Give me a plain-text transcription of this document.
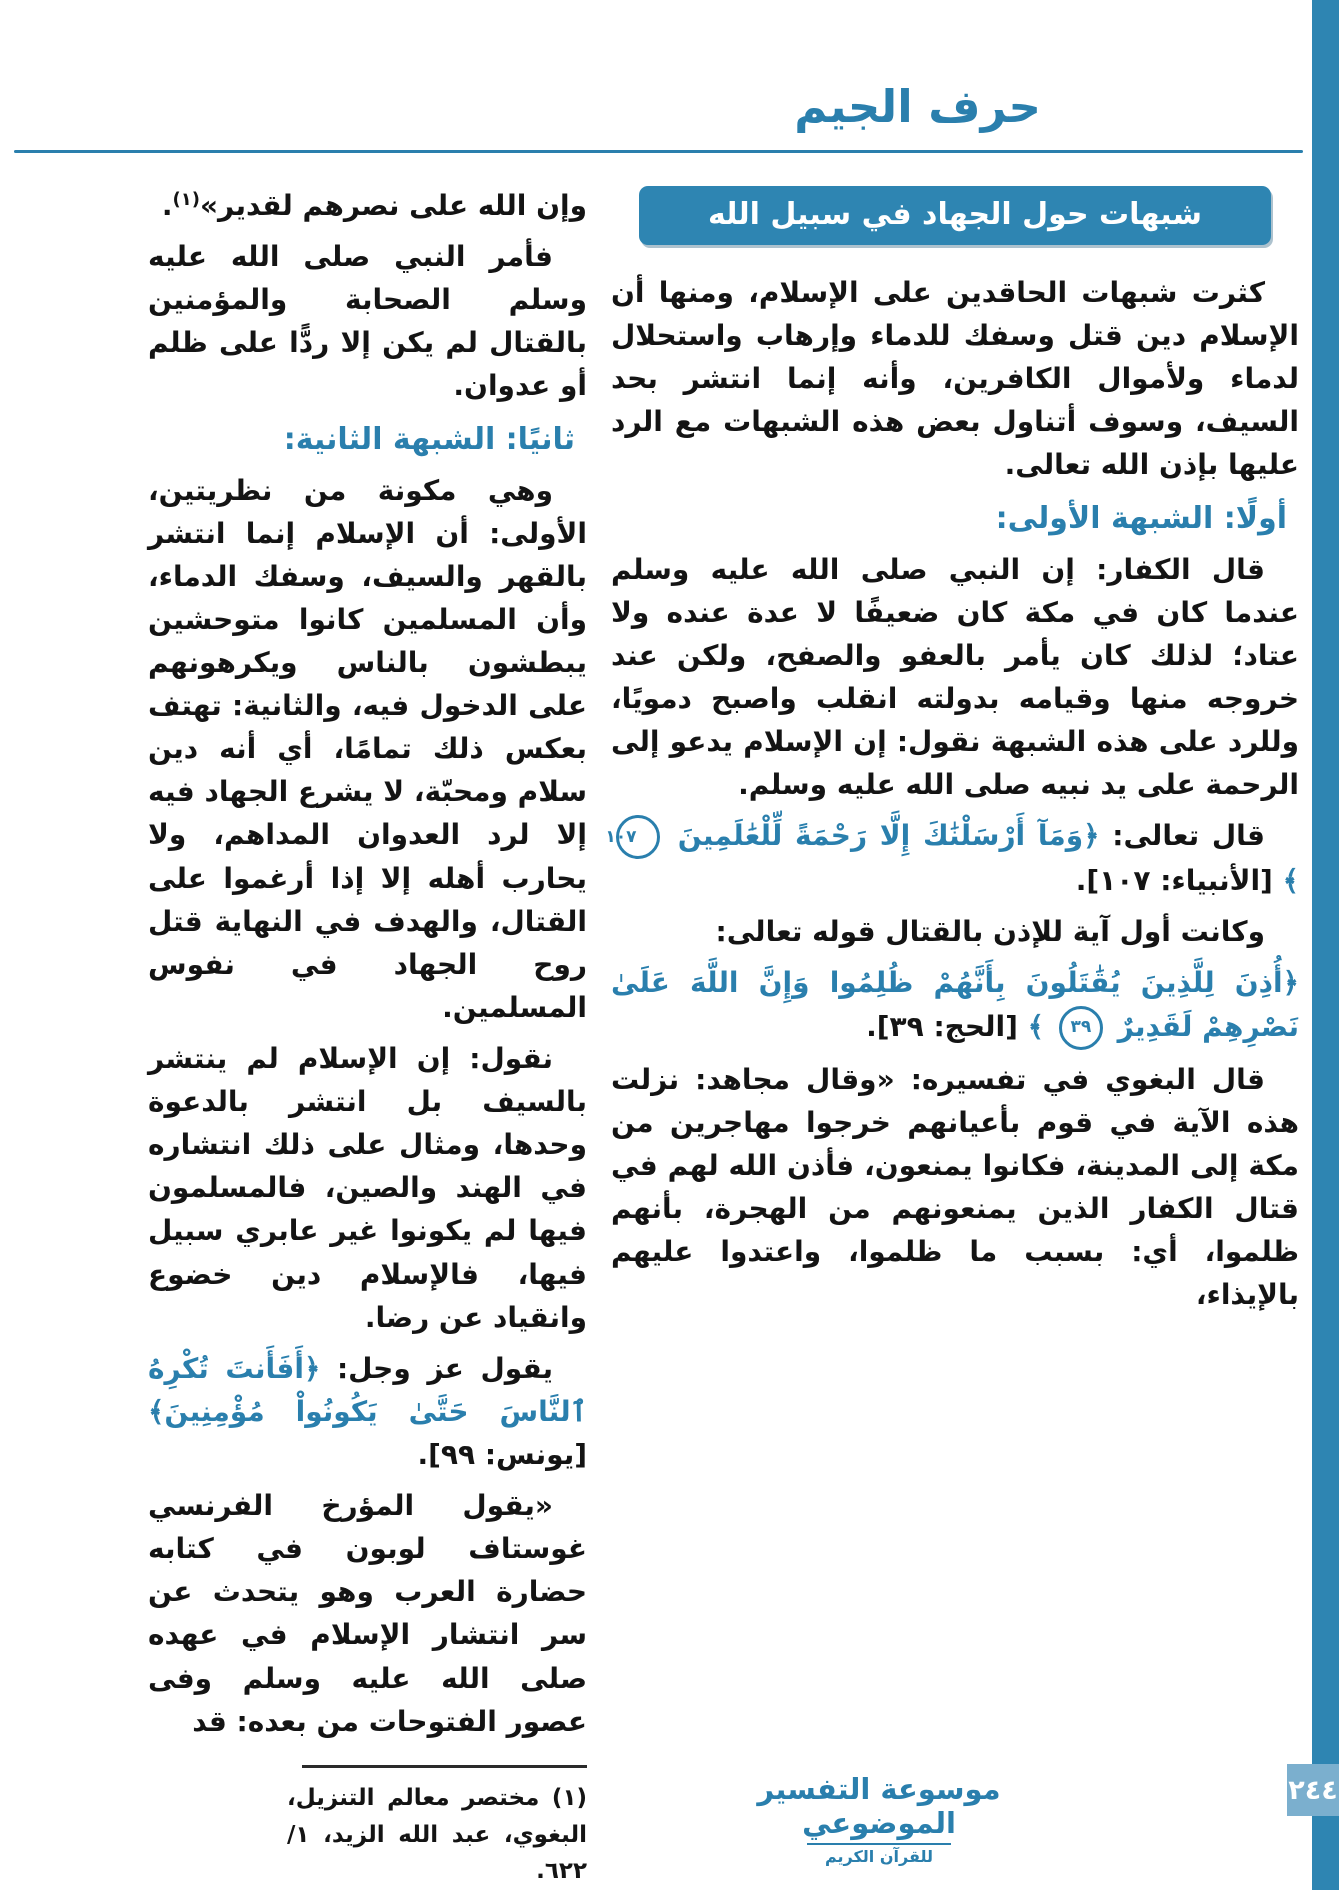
٢٤٤
حرف الجيم
شبهات حول الجهاد في سبيل الله

كثرت شبهات الحاقدين على الإسلام، ومنها أن الإسلام دين قتل وسفك للدماء وإرهاب واستحلال لدماء ولأموال الكافرين، وأنه إنما انتشر بحد السيف، وسوف أتناول بعض هذه الشبهات مع الرد عليها بإذن الله تعالى.

أولًا: الشبهة الأولى:

قال الكفار: إن النبي صلى الله عليه وسلم عندما كان في مكة كان ضعيفًا لا عدة عنده ولا عتاد؛ لذلك كان يأمر بالعفو والصفح، ولكن عند خروجه منها وقيامه بدولته انقلب واصبح دمويًا، وللرد على هذه الشبهة نقول: إن الإسلام يدعو إلى الرحمة على يد نبيه صلى الله عليه وسلم.

قال تعالى: ﴿وَمَآ أَرْسَلْنَٰكَ إِلَّا رَحْمَةً لِّلْعَٰلَمِينَ ١٠٧ ﴾ [الأنبياء: ١٠٧].

وكانت أول آية للإذن بالقتال قوله تعالى:

﴿أُذِنَ لِلَّذِينَ يُقَٰتَلُونَ بِأَنَّهُمْ ظُلِمُوا وَإِنَّ اللَّهَ عَلَىٰ نَصْرِهِمْ لَقَدِيرٌ ٣٩ ﴾ [الحج: ٣٩].

قال البغوي في تفسيره: «وقال مجاهد: نزلت هذه الآية في قوم بأعيانهم خرجوا مهاجرين من مكة إلى المدينة، فكانوا يمنعون، فأذن الله لهم في قتال الكفار الذين يمنعونهم من الهجرة، بأنهم ظلموا، أي: بسبب ما ظلموا، واعتدوا عليهم بالإيذاء،

وإن الله على نصرهم لقدير»$^{(١)}$.

فأمر النبي صلى الله عليه وسلم الصحابة والمؤمنين بالقتال لم يكن إلا ردًّا على ظلم أو عدوان.

ثانيًا: الشبهة الثانية:

وهي مكونة من نظريتين، الأولى: أن الإسلام إنما انتشر بالقهر والسيف، وسفك الدماء، وأن المسلمين كانوا متوحشين يبطشون بالناس ويكرهونهم على الدخول فيه، والثانية: تهتف بعكس ذلك تمامًا، أي أنه دين سلام ومحبّة، لا يشرع الجهاد فيه إلا لرد العدوان المداهم، ولا يحارب أهله إلا إذا أرغموا على القتال، والهدف في النهاية قتل روح الجهاد في نفوس المسلمين.

نقول: إن الإسلام لم ينتشر بالسيف بل انتشر بالدعوة وحدها، ومثال على ذلك انتشاره في الهند والصين، فالمسلمون فيها لم يكونوا غير عابري سبيل فيها، فالإسلام دين خضوع وانقياد عن رضا.

يقول عز وجل: ﴿أَفَأَنتَ تُكْرِهُ ٱلنَّاسَ حَتَّىٰ يَكُونُواْ مُؤْمِنِينَ﴾ [يونس: ٩٩].

«يقول المؤرخ الفرنسي غوستاف لوبون في كتابه حضارة العرب وهو يتحدث عن سر انتشار الإسلام في عهده صلى الله عليه وسلم وفى عصور الفتوحات من بعده: قد

(١) مختصر معالم التنزيل، البغوي، عبد الله الزيد، ١/ ٦٢٢.

موسوعة التفسير الموضوعي
للقرآن الكريم
